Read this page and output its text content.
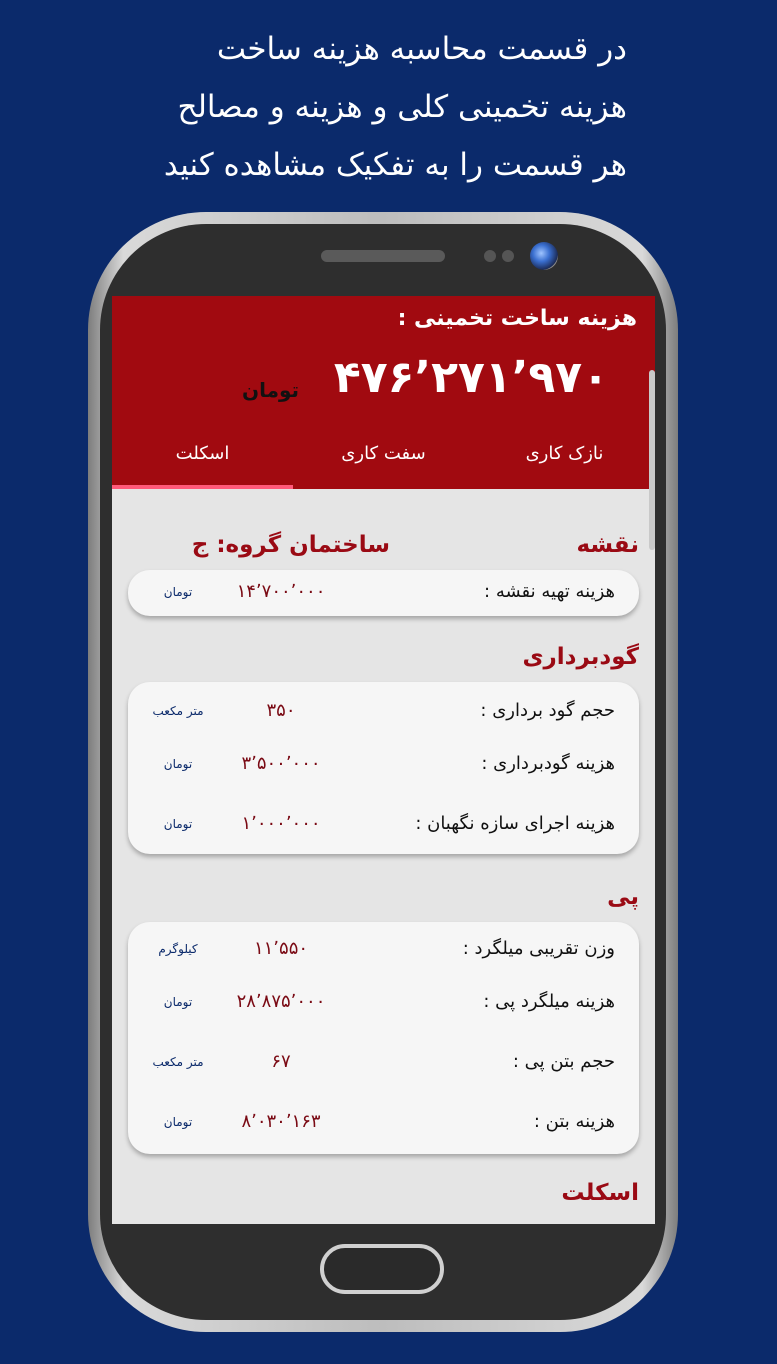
در قسمت محاسبه هزینه ساخت
هزینه تخمینی کلی و هزینه و مصالح
هر قسمت را به تفکیک مشاهده کنید
هزینه ساخت تخمینی :
۴۷۶٬۲۷۱٬۹۷۰
تومان
نازک کاری
سفت کاری
اسکلت
نقشه
ساختمان گروه: ج
هزینه تهیه نقشه :
۱۴٬۷۰۰٬۰۰۰
تومان
گودبرداری
حجم گود برداری :
۳۵۰
متر مکعب
هزینه گودبرداری :
۳٬۵۰۰٬۰۰۰
تومان
هزینه اجرای سازه نگهبان :
۱٬۰۰۰٬۰۰۰
تومان
پی
وزن تقریبی میلگرد :
۱۱٬۵۵۰
کیلوگرم
هزینه میلگرد پی :
۲۸٬۸۷۵٬۰۰۰
تومان
حجم بتن پی :
۶۷
متر مکعب
هزینه بتن :
۸٬۰۳۰٬۱۶۳
تومان
اسکلت
